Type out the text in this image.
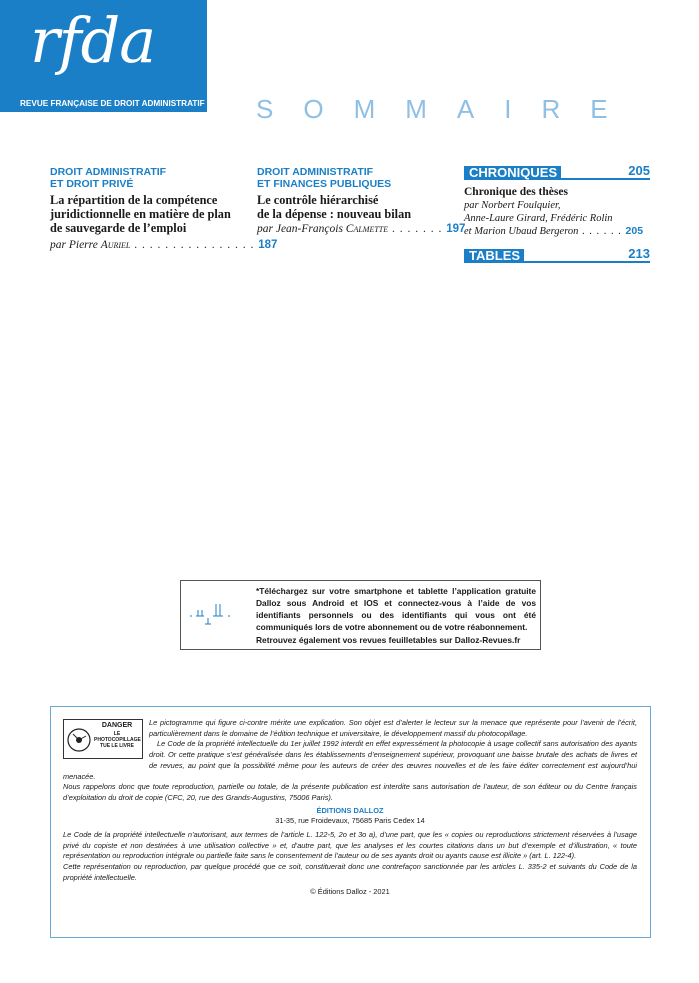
rfda
REVUE FRANÇAISE DE DROIT ADMINISTRATIF SOMMAIRE
DROIT ADMINISTRATIF
ET DROIT PRIVÉ
La répartition de la compétence
juridictionnelle en matière de plan
de sauvegarde de l’emploi
par Pierre Auriel . . . . . . . . . . . . . . . . 187
DROIT ADMINISTRATIF
ET FINANCES PUBLIQUES
Le contrôle hiérarchisé
de la dépense : nouveau bilan
par Jean-François Calmette . . . . . . . 197
CHRONIQUES	205
Chronique des thèses
par Norbert Foulquier,
Anne-Laure Girard, Frédéric Rolin
et Marion Ubaud Bergeron . . . . . . 205
TABLES	213
*Téléchargez sur votre smartphone et tablette l’application gratuite Dalloz sous Android et IOS et connectez-vous à l’aide de vos identifiants personnels ou des identifiants qui vous ont été communiqués lors de votre abonnement ou de votre réabonnement.
Retrouvez également vos revues feuilletables sur Dalloz-Revues.fr
DANGER
LE PHOTOCOPILLAGE TUE LE LIVRE

Le pictogramme qui figure ci-contre mérite une explication. Son objet est d’alerter le lecteur sur la menace que représente pour l’avenir de l’écrit, particulièrement dans le domaine de l’édition technique et universitaire, le développement massif du photocopillage.

Le Code de la propriété intellectuelle du 1er juillet 1992 interdit en effet expressément la photocopie à usage collectif sans autorisation des ayants droit. Or cette pratique s’est généralisée dans les établissements d’enseignement supérieur, provoquant une baisse brutale des achats de livres et de revues, au point que la possibilité même pour les auteurs de créer des œuvres nouvelles et de les faire éditer correctement est aujourd’hui menacée.

Nous rappelons donc que toute reproduction, partielle ou totale, de la présente publication est interdite sans autorisation de l’auteur, de son éditeur ou du Centre français d’exploitation du droit de copie (CFC, 20, rue des Grands-Augustins, 75006 Paris).

ÉDITIONS DALLOZ

31-35, rue Froidevaux, 75685 Paris Cedex 14

Le Code de la propriété intellectuelle n’autorisant, aux termes de l’article L. 122-5, 2o et 3o a), d’une part, que les « copies ou reproductions strictement réservées à l’usage privé du copiste et non destinées à une utilisation collective » et, d’autre part, que les analyses et les courtes citations dans un but d’exemple et d’illustration, « toute représentation ou reproduction intégrale ou partielle faite sans le consentement de l’auteur ou de ses ayants droit ou ayants cause est illicite » (art. L. 122-4).

Cette représentation ou reproduction, par quelque procédé que ce soit, constituerait donc une contrefaçon sanctionnée par les articles L. 335-2 et suivants du Code de la propriété intellectuelle.

© Éditions Dalloz - 2021
